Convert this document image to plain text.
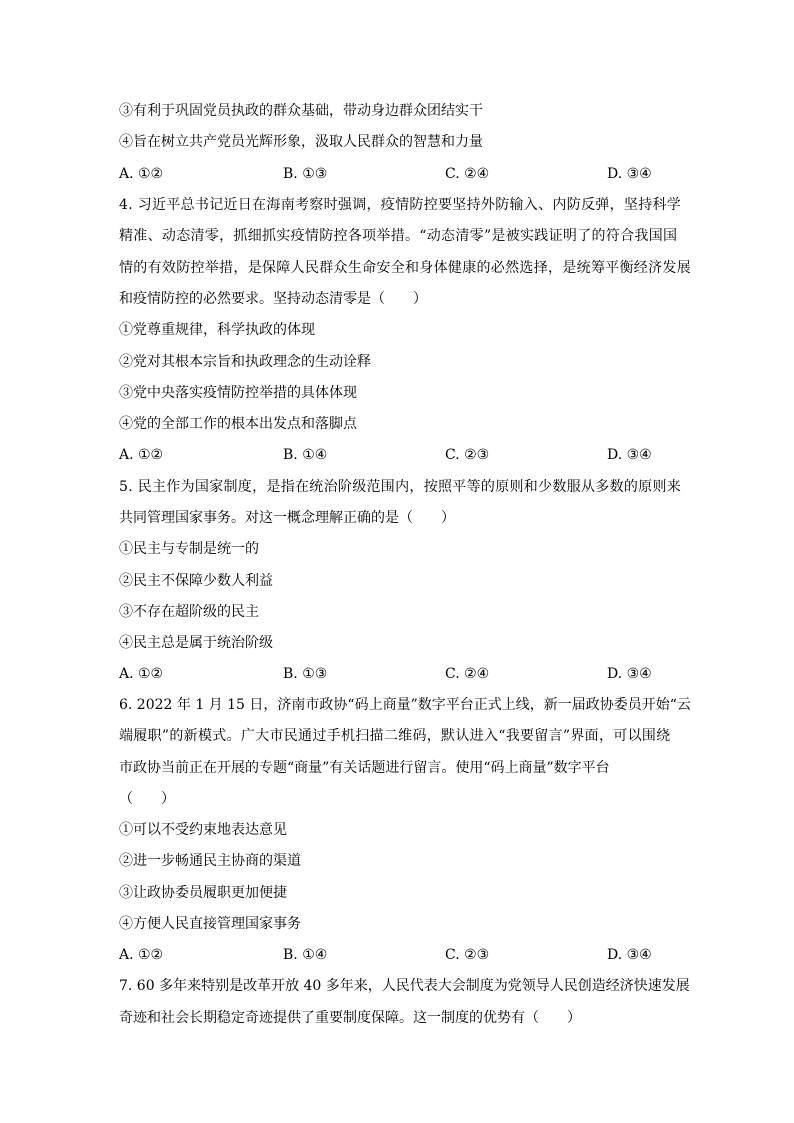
③有利于巩固党员执政的群众基础，带动身边群众团结实干
④旨在树立共产党员光辉形象，汲取人民群众的智慧和力量
A. ①②	B. ①③	C. ②④	D. ③④
4. 习近平总书记近日在海南考察时强调，疫情防控要坚持外防输入、内防反弹，坚持科学
精准、动态清零，抓细抓实疫情防控各项举措。“动态清零”是被实践证明了的符合我国国
情的有效防控举措，是保障人民群众生命安全和身体健康的必然选择，是统筹平衡经济发展
和疫情防控的必然要求。坚持动态清零是（　　）
①党尊重规律，科学执政的体现
②党对其根本宗旨和执政理念的生动诠释
③党中央落实疫情防控举措的具体体现
④党的全部工作的根本出发点和落脚点
A. ①②	B. ①④	C. ②③	D. ③④
5. 民主作为国家制度，是指在统治阶级范围内，按照平等的原则和少数服从多数的原则来
共同管理国家事务。对这一概念理解正确的是（　　）
①民主与专制是统一的
②民主不保障少数人利益
③不存在超阶级的民主
④民主总是属于统治阶级
A. ①②	B. ①③	C. ②④	D. ③④
6. 2022 年 1 月 15 日，济南市政协“码上商量”数字平台正式上线，新一届政协委员开始“云
端履职”的新模式。广大市民通过手机扫描二维码，默认进入“我要留言”界面，可以围绕
市政协当前正在开展的专题“商量”有关话题进行留言。使用“码上商量”数字平台
（　　）
①可以不受约束地表达意见
②进一步畅通民主协商的渠道
③让政协委员履职更加便捷
④方便人民直接管理国家事务
A. ①②	B. ①④	C. ②③	D. ③④
7. 60 多年来特别是改革开放 40 多年来，人民代表大会制度为党领导人民创造经济快速发展
奇迹和社会长期稳定奇迹提供了重要制度保障。这一制度的优势有（　　）
